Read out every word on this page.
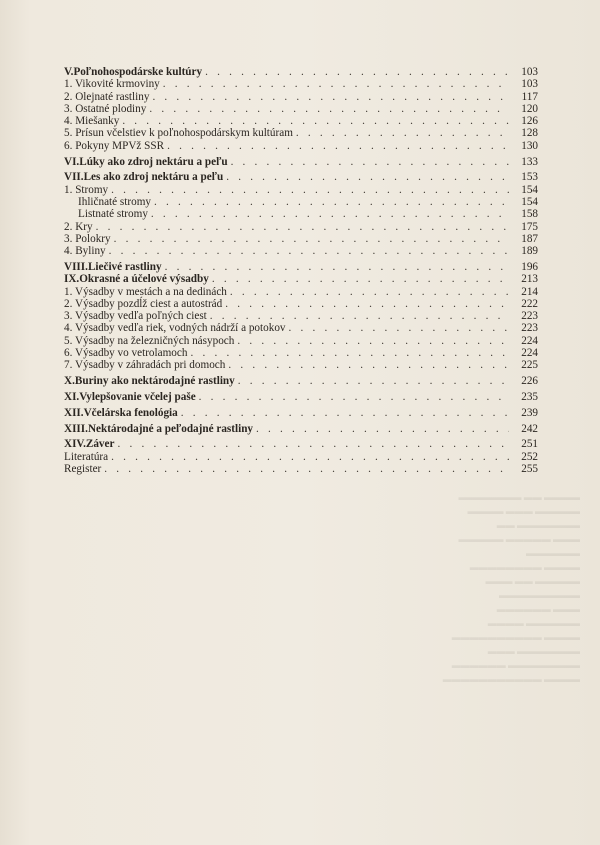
V. Poľnohospodárske kultúry . . .	103
1. Vikovité krmoviny . . .	103
2. Olejnaté rastliny . . .	117
3. Ostatné plodiny . . .	120
4. Miešanky . . .	126
5. Prísun včelstiev k poľnohospodárskym kultúram . . .	128
6. Pokyny MPVž SSR . . .	130
VI. Lúky ako zdroj nektáru a peľu . . .	133
VII. Les ako zdroj nektáru a peľu . . .	153
1. Stromy . . .	154
Ihličnaté stromy . . .	154
Listnaté stromy . . .	158
2. Kry . . .	175
3. Polokry . . .	187
4. Byliny . . .	189
VIII. Liečivé rastliny . . .	196
IX. Okrasné a účelové výsadby . . .	213
1. Výsadby v mestách a na dedinách . . .	214
2. Výsadby pozdĺž ciest a autostrád . . .	222
3. Výsadby vedľa poľných ciest . . .	223
4. Výsadby vedľa riek, vodných nádrží a potokov . . .	223
5. Výsadby na železničných násypoch . . .	224
6. Výsadby vo vetrolamoch . . .	224
7. Výsadby v záhradách pri domoch . . .	225
X. Buriny ako nektárodajné rastliny . . .	226
XI. Vylepšovanie včelej paše . . .	235
XII. Včelárska fenológia . . .	239
XIII. Nektárodajné a peľodajné rastliny . . .	242
XIV. Záver . . .	251
Literatúra . . .	252
Register . . .	255
▬▬▬▬ ▬▬ ▬▬▬▬▬▬▬
▬▬▬▬▬ ▬▬▬ ▬▬▬▬
▬▬▬▬▬▬▬ ▬▬
▬▬▬ ▬▬▬▬▬ ▬▬▬▬▬
▬▬▬▬▬▬
▬▬▬▬ ▬▬▬▬▬▬▬▬
▬▬▬▬▬ ▬▬ ▬▬▬
▬▬▬▬▬▬▬▬▬
▬▬▬ ▬▬▬▬▬▬
▬▬▬▬▬▬ ▬▬▬▬
▬▬▬▬ ▬▬▬▬▬▬▬▬▬▬
▬▬▬▬▬▬▬ ▬▬▬
▬▬▬▬▬▬▬▬ ▬▬▬▬▬▬
▬▬▬▬ ▬▬▬▬▬▬▬▬▬▬▬
